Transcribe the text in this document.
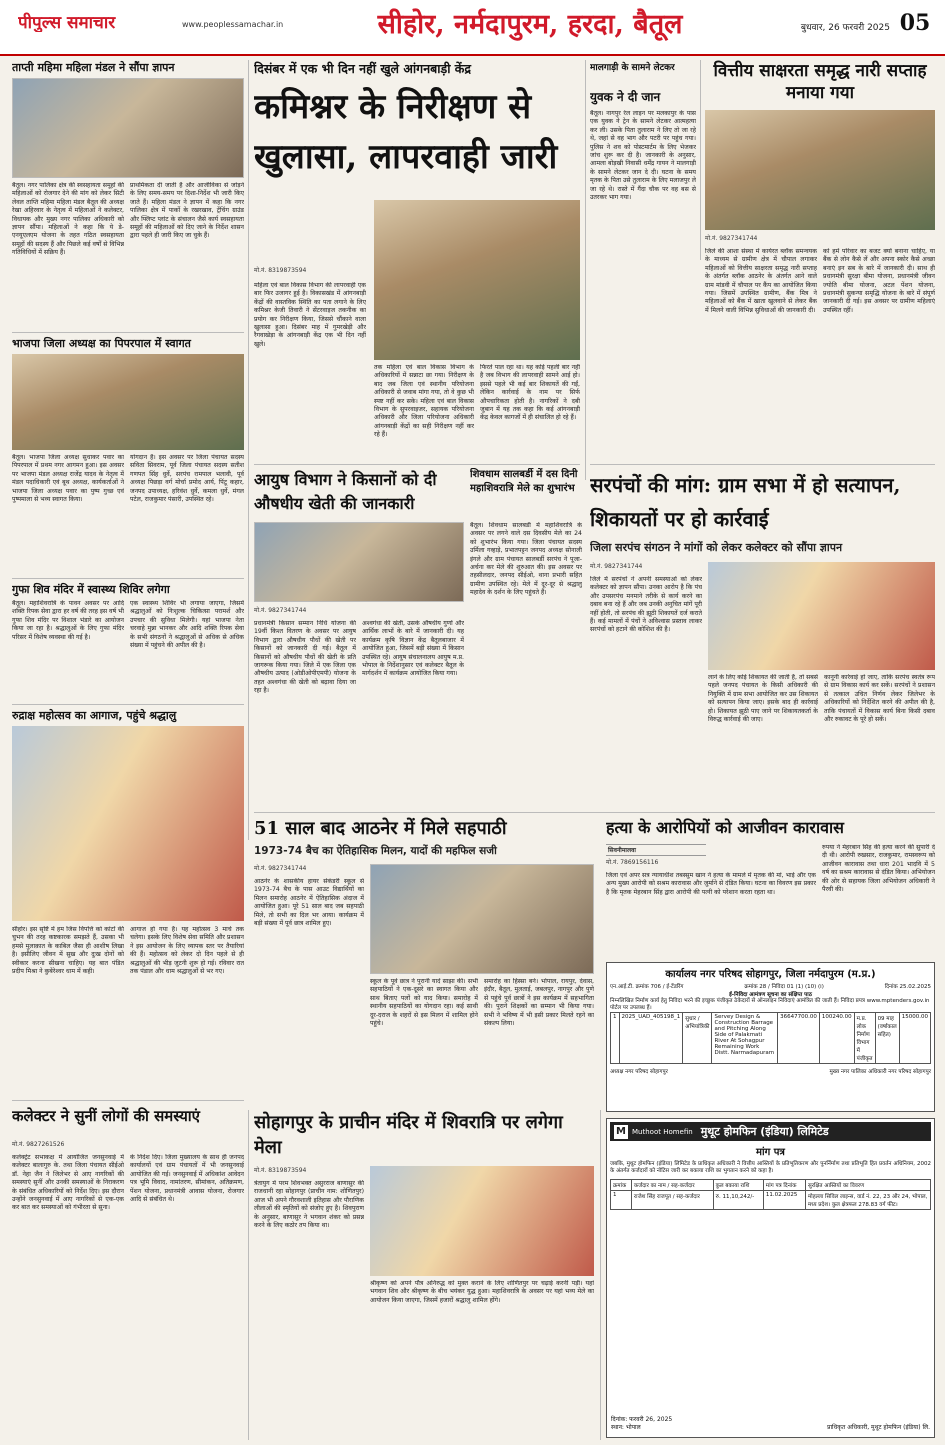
पीपुल्स समाचार	www.peoplessamachar.in	सीहोर, नर्मदापुरम, हरदा, बैतूल	बुधवार, 26 फरवरी 2025 05
ताप्ती महिमा महिला मंडल ने सौंपा ज्ञापन
बैतूल। नगर पालिका क्षेत्र की स्वसहायता समूहों की महिलाओं को रोजगार देने की मांग को लेकर सिटी लेवल ताप्ति महिमा महिला मंडल बैतूल की अध्यक्ष रेखा अहिरवार के नेतृत्व में महिलाओं ने कलेक्टर, विधायक और मुख्य नगर पालिका अधिकारी को ज्ञापन सौंपा। महिलाओं ने कहा कि ये डे-एनयूएलएम योजना के तहत गठित स्वसहायता समूहों की सदस्य हैं और पिछले कई वर्षों से विभिन्न गतिविधियों में सक्रिय हैं।
प्राथमिकता दी जाती है और आजीविका से जोड़ने के लिए समय-समय पर दिशा-निर्देश भी जारी किए जाते हैं। महिला मंडल ने ज्ञापन में कहा कि नगर पालिका क्षेत्र में पार्को के रखरखाव, ट्रेंचिंग ग्राउंड और फ्लिप्ट प्लांट के संचालन जैसे कार्य स्वसहायता समूहों की महिलाओं को दिए जाने के निर्देश शासन द्वारा पहले ही जारी किए जा चुके हैं।
भाजपा जिला अध्यक्ष का पिपरपाल में स्वागत
बैतूल। भाजपा जिला अध्यक्ष सुधाकर पवार का पिपरपाल में प्रथम नगर आगमन हुआ। इस अवसर पर भाजपा मंडल अध्यक्ष राजेंद्र यादव के नेतृत्व में मंडल पदाधिकारी एवं बूथ अध्यक्ष, कार्यकर्ताओं ने भाजपा जिला अध्यक्ष पवार का पुष्प गुच्छ एवं पुष्पमाला से भव्य स्वागत किया।
योगदान है। इस अवसर पर जिला पंचायत सदस्य सविता सिवराम, पूर्व जिला पंचायत सदस्य सतीश गणपत सिंह धुर्वे, सरपंच रामपाल भलावी, पूर्व अध्यक्ष पिछड़ा वर्ग मोर्चा प्रमोद आर्य, पिंटू कहार, जनपद उपाध्यक्ष, हरिवंश धुर्वे, कमला धुर्वे, मंगल पटेल, राजकुमार पंसारी, उपस्थित रहे।
गुफा शिव मंदिर में स्वास्थ्य शिविर लगेगा
बैतूल। महाशिवरात्रि के पावन अवसर पर आदि शक्ति रिपक सेवा द्वारा हर वर्ष की तरह इस वर्ष भी गुफा शिव मंदिर पर विशाल भंडारे का आयोजन किया जा रहा है। श्रद्धालुओं के लिए गुफा मंदिर परिसर में विशेष व्यवस्था की गई है।
एक स्वास्थ्य शिविर भी लगाया जाएगा, जिसमें श्रद्धालुओं को निःशुल्क चिकित्सा परामर्श और उपचार की सुविधा मिलेगी। यहां भाजपा नेता चरवाहे मुन्ना भानकर और आदि शक्ति रिपक सेवा के सभी संगठनों ने श्रद्धालुओं से अधिक से अधिक संख्या में पहुंचने की अपील की है।
रुद्राक्ष महोत्सव का आगाज, पहुंचे श्रद्धालु
सीहोर। इस सृष्टि में हम जिस विपत्ति को कांटों की चुभन की तरह कष्टकारक समझते हैं, उसका भी हमसे मुलाक़ात के काबिल जैसा ही आशीष लिखा है। इसीलिए जीवन में सुख और दुःख दोनों को स्वीकार करना सीखना चाहिए। यह बात पंडित प्रदीप मिश्रा ने कुबेरेश्वर धाम में कही।
आगाज हो गया है। यह महोत्सव 3 मार्च तक चलेगा। इसके लिए विशेष सेवा समिति और प्रशासन ने इस आयोजन के लिए व्यापक स्तर पर तैयारियां की हैं। महोत्सव को लेकर दो दिन पहले से ही श्रद्धालुओं की भीड़ जुटनी शुरू हो गई। रविवार रात तक पंडाल और धाम श्रद्धालुओं से भर गए।
कलेक्टर ने सुनीं लोगों की समस्याएं
मो.नं. 9827261526
कलेक्ट्रेट सभाकक्ष में आयोजित जनसुनवाई में कलेक्टर बालागुरु के. तथा जिला पंचायत सीईओ डॉ. नेहा जैन ने जिलेभर से आए नागरिकों की समस्याएं सुनीं और उनकी समस्याओं के निराकरण के संबंधित अधिकारियों को निर्देश दिए। इस दौरान उन्होंने जनसुनवाई में आए नागरिकों से एक-एक कर बात कर समस्याओं को गंभीरता से सुना।
के निर्देश दिए। जिला मुख्यालय के साथ ही जनपद कार्यालयों एवं ग्राम पंचायतों में भी जनसुनवाई आयोजित की गई। जनसुनवाई में अधिकांश आवेदन पत्र भूमि विवाद, नामांतरण, सीमांकन, अतिक्रमण, पेंशन योजना, प्रधानमंत्री आवास योजना, रोजगार आदि से संबंधित थे।
दिसंबर में एक भी दिन नहीं खुले आंगनबाड़ी केंद्र
कमिश्नर के निरीक्षण से खुलासा, लापरवाही जारी
मो.नं. 8319873594
महिला एवं बाल विकास विभाग की लापरवाही एक बार फिर उजागर हुई है। विकासखंड में आंगनबाड़ी केंद्रों की वास्तविक स्थिति का पता लगाने के लिए कमिश्नर केजी तिवारी ने सेंटरवाइज तकनीक का प्रयोग कर निरीक्षण किया, जिससे चौंकाने वाला खुलासा हुआ। दिसंबर माह में गुमरखेड़ी और रैगवाखेड़ा के आंगनबाड़ी केंद्र एक भी दिन नहीं खुले।
तक महिला एवं बाल विकास विभाग के अधिकारियों में सन्नाटा छा गया। निरीक्षण के बाद जब जिला एवं स्थानीय परियोजना अधिकारी से जवाब मांगा गया, तो वे कुछ भी स्पष्ट नहीं कर सके। महिला एवं बाल विकास विभाग के सुपरवाइजर, सहायक परियोजना अधिकारी और जिला परियोजना अधिकारी आंगनबाड़ी केंद्रों का सही निरीक्षण नहीं कर रहे हैं।
फिरते पाल रहा था। यह कोई पहली बार नहीं है जब विभाग की लापरवाही सामने आई हो। इससे पहले भी कई बार शिकायतें की गईं, लेकिन कार्रवाई के नाम पर सिर्फ औपचारिकता होती है। नागरिकों ने दबी जुबान में यह तक कहा कि कई आंगनबाड़ी केंद्र केवल कागजों में ही संचालित हो रहे हैं।
आयुष विभाग ने किसानों को दी औषधीय खेती की जानकारी
मो.नं. 9827341744
प्रधानमंत्री किसान सम्मान निधि योजना की 19वीं किश्त वितरण के अवसर पर आयुष विभाग द्वारा औषधीय पौधों की खेती पर किसानों को जानकारी दी गई। बैतूल में किसानों को औषधीय पौधों की खेती के प्रति जागरूक किया गया। जिले में एक जिला एक औषधीय उत्पाद (ओडीओपीएमपी) योजना के तहत अश्वगंधा की खेती को बढ़ावा दिया जा रहा है।
अश्वगंधा की खेती, उसके औषधीय गुणों और आर्थिक लाभों के बारे में जानकारी दी। यह कार्यक्रम कृषि विज्ञान केंद्र बैतूलबाजार में आयोजित हुआ, जिसमें बड़ी संख्या में किसान उपस्थित रहे। आयुष संचालनालय आयुष म.प्र. भोपाल के निर्देशानुसार एवं कलेक्टर बैतूल के मार्गदर्शन में कार्यक्रम आयोजित किया गया।
शिवधाम सालबर्डी में दस दिनी महाशिवरात्रि मेले का शुभारंभ
बैतूल। शिवधाम सालबर्डी में महाशिवरात्रि के अवसर पर लगने वाले दस दिवसीय मेले का 24 को शुभारंभ किया गया। जिला पंचायत सदस्य उर्मिला गव्हाड़े, प्रभातपट्टन जनपद अध्यक्ष सोनाली इंगले और ग्राम पंचायत सालबर्डी सरपंच ने पूजा-अर्चना कर मेले की शुरुआत की। इस अवसर पर तहसीलदार, जनपद सीईओ, थाना प्रभारी सहित ग्रामीण उपस्थित रहे। मेले में दूर-दूर से श्रद्धालु महादेव के दर्शन के लिए पहुंचते हैं।
मालगाड़ी के सामने लेटकर
युवक ने दी जान
बैतूल। नागपुर रेल लाइन पर मलकापुर के पास एक युवक ने ट्रेन के सामने लेटकर आत्महत्या कर ली। उसके पिता तुलाराम ने लिए तो जा रहे थे, जहां से वह भाग और पटरी पर पहुंच गया। पुलिस ने शव को पोस्टमार्टम के लिए भेजकर जांच शुरू कर दी है। जानकारी के अनुसार, आमला बोड़खी निवासी धर्मेंद्र गायन ने मालगाड़ी के सामने लेटकर जान दे दी। घटना के समय मृतक के पिता उसे तुलाराम के लिए मलाजपुर ले जा रहे थे। रास्ते में गैंदा चौक पर वह बस से उतरकर भाग गया।
वित्तीय साक्षरता समृद्ध नारी सप्ताह मनाया गया
मो.नं. 9827341744
जिले की आशा संस्था में कार्यरत ब्लॉक समन्वयक के माध्यम से ग्रामीण क्षेत्र में चौपाल लगाकर महिलाओं को वित्तीय साक्षरता समृद्ध नारी सप्ताह के अंतर्गत ब्लॉक आठनेर के अंतर्गत आने वाले ग्राम मांडवी में चौपाल पर कैंप का आयोजित किया गया। जिसमें उपस्थित ग्रामीण, बैंक मित्र ने महिलाओं को बैंक में खाता खुलवाने से लेकर बैंक में मिलने वाली विभिन्न सुविधाओं की जानकारी दी।
को हमें परिवार का बजट क्यों बनाना चाहिए, या बैंक से लोन कैसे लें और अपना स्कोर कैसे अच्छा बनाएं इन सब के बारे में जानकारी दी। साथ ही प्रधानमंत्री सुरक्षा बीमा योजना, प्रधानमंत्री जीवन ज्योति बीमा योजना, अटल पेंशन योजना, प्रधानमंत्री सुकन्या समृद्धि योजना के बारे में संपूर्ण जानकारी दी गई। इस अवसर पर ग्रामीण महिलाएं उपस्थित रहीं।
सरपंचों की मांग: ग्राम सभा में हो सत्यापन, शिकायतों पर हो कार्रवाई
जिला सरपंच संगठन ने मांगों को लेकर कलेक्टर को सौंपा ज्ञापन
मो.नं. 9827341744
जिले में सरपंचों ने अपनी समस्याओं को लेकर कलेक्टर को ज्ञापन सौंपा। उनका आरोप है कि पंच और उपसरपंच मनमाने तरीके से कार्य करने का दबाव बना रहे हैं और जब उनकी अनुचित मांगें पूरी नहीं होती, तो सरपंच की झूठी शिकायतें दर्ज कराते हैं। कई मामलों में पंचों ने अविश्वास प्रस्ताव लाकर सरपंचों को हटाने की कोशिश की है।
लाने के लिए कोई शिकायत की जाती है, तो सबसे पहले जनपद पंचायत के किसी अधिकारी की नियुक्ति में ग्राम सभा आयोजित कर उस शिकायत को सत्यापन किया जाए। इसके बाद ही कार्रवाई हो। शिकायत झूठी पाए जाने पर शिकायतकर्ता के विरुद्ध कार्रवाई की जाए।
कानूनी कार्रवाई हो जाए, ताकि सरपंच स्वतंत्र रूप से ग्राम विकास कार्य कर सकें। सरपंचों ने प्रशासन से तत्काल उचित निर्णय लेकर जिलेभर के अधिकारियों को निर्देशित करने की अपील की है, ताकि पंचायतों में विकास कार्य बिना किसी दबाव और रुकावट के पूरे हो सकें।
51 साल बाद आठनेर में मिले सहपाठी
1973-74 बैच का ऐतिहासिक मिलन, यादों की महफिल सजी
मो.नं. 9827341744
आठनेर के शासकीय हायर सेकंडरी स्कूल से 1973-74 बैच के पास आउट विद्यार्थियों का मिलन समारोह आठनेर में ऐतिहासिक अंदाज में आयोजित हुआ। पूरे 51 साल बाद जब सहपाठी मिले, तो सभी का दिल भर आया। कार्यक्रम में बड़ी संख्या में पूर्व छात्र शामिल हुए।
स्कूल के पूर्व छात्र ने पुरानी यादें साझा कीं। सभी सहपाठियों ने एक-दूसरे का स्वागत किया और साथ बिताए पलों को याद किया। समारोह में स्थानीय सहपाठियों का योगदान रहा। कई साथी दूर-दराज के शहरों से इस मिलन में शामिल होने पहुंचे।
समारोह का हिस्सा बने। भोपाल, रायपुर, देवास, इंदौर, बैतूल, मुलताई, जबलपुर, नागपुर और पुणे से पहुंचे पूर्व छात्रों ने इस कार्यक्रम में सहभागिता की। पुराने शिक्षकों का सम्मान भी किया गया। सभी ने भविष्य में भी इसी प्रकार मिलते रहने का संकल्प लिया।
हत्या के आरोपियों को आजीवन कारावास
सिवनीमालवा
मो.नं. 7869156116
जिला एवं अपर सत्र न्यायाधीश तबस्सुम खान ने हत्या के मामले में मृतक की मां, भाई और एक अन्य मुख्य आरोपी को सश्रम कारावास और जुर्माने से दंडित किया। घटना का विवरण इस प्रकार है कि मृतक मेहरबान सिंह द्वारा आरोपी की पत्नी को परेशान करता रहता था।
रुपया ने मेहरबान सिंह की हत्या करने की सुपारी दे दी थी। आरोपी रुखसार, राजकुमार, रामस्वरूप को आजीवन कारावास तथा धारा 201 भादवि में 5 वर्ष का सश्रम कारावास से दंडित किया। अभियोजन की ओर से सहायक जिला अभियोजन अधिकारी ने पैरवी की।
कार्यालय नगर परिषद सोहागपुर, जिला नर्मदापुरम (म.प्र.)
एन.आई.टी. क्रमांक 706 / ई-टेंडरिंग	क्रमांक 28 / निविदा 01 (1) (10) (i)	दिनांक 25.02.2025
ई-निविदा आमंत्रण सूचना का संक्षिप्त पाठ
निम्नलिखित निर्माण कार्य हेतु निविदा भरने की इच्छुक पंजीकृत ठेकेदारों से ऑनलाइन निविदाएं आमंत्रित की जाती हैं। निविदा प्रपत्र www.mptenders.gov.in पोर्टल पर उपलब्ध हैं।
1	2025_UAD_405198_1	सुधार / अभियांत्रिकी	Servey Design & Construction Barrage and Pitching Along Side of Palakmati River At Sohagpur Remaining Work Distt. Narmadapuram	36647700.00	100240.00	म.प्र. लोक निर्माण विभाग में पंजीकृत	09 माह (वर्षाकाल सहित)	15000.00
अध्यक्ष नगर परिषद सोहागपुर	मुख्य नगर पालिका अधिकारी नगर परिषद सोहागपुर
M Muthoot Homefin मुथूट होमफिन (इंडिया) लिमिटेड
मांग पत्र
जबकि, मुथूट होमफिन (इंडिया) लिमिटेड के प्राधिकृत अधिकारी ने वित्तीय आस्तियों के प्रतिभूतिकरण और पुनर्निर्माण तथा प्रतिभूति हित प्रवर्तन अधिनियम, 2002 के अंतर्गत कर्जदारों को नोटिस जारी कर बकाया राशि का भुगतान करने को कहा है।
क्रमांक	कर्जदार का नाम / सह-कर्जदार	कुल बकाया राशि	मांग पत्र दिनांक	सुरक्षित आस्तियों का विवरण
1	राजेश सिंह राजपूत / सह-कर्जदार	रु. 11,10,242/-	11.02.2025	मोहल्ला सिविल लाइन्स, वार्ड नं. 22, 23 और 24, भोपाल, मध्य प्रदेश। कुल क्षेत्रफल 278.83 वर्ग फीट।
दिनांक: फरवरी 26, 2025
स्थान: भोपाल	प्राधिकृत अधिकारी, मुथूट होमफिन (इंडिया) लि.
सोहागपुर के प्राचीन मंदिर में शिवरात्रि पर लगेगा मेला
मो.नं. 8319873594
त्रेतायुग में परम शिवभक्त असुरराज बाणासुर की राजधानी रहा सोहागपुर (प्राचीन नाम: शोणितपुर) आज भी अपने गौरवशाली इतिहास और पौराणिक लीलाओं की स्मृतियों को संजोए हुए है। शिवपुराण के अनुसार, बाणासुर ने भगवान शंकर को प्रसन्न करने के लिए कठोर तप किया था।
श्रीकृष्ण को अपने पौत्र अनिरुद्ध को मुक्त कराने के लिए शोणितपुर पर चढ़ाई करनी पड़ी। यहां भगवान शिव और श्रीकृष्ण के बीच भयंकर युद्ध हुआ। महाशिवरात्रि के अवसर पर यहां भव्य मेले का आयोजन किया जाएगा, जिसमें हजारों श्रद्धालु शामिल होंगे।
